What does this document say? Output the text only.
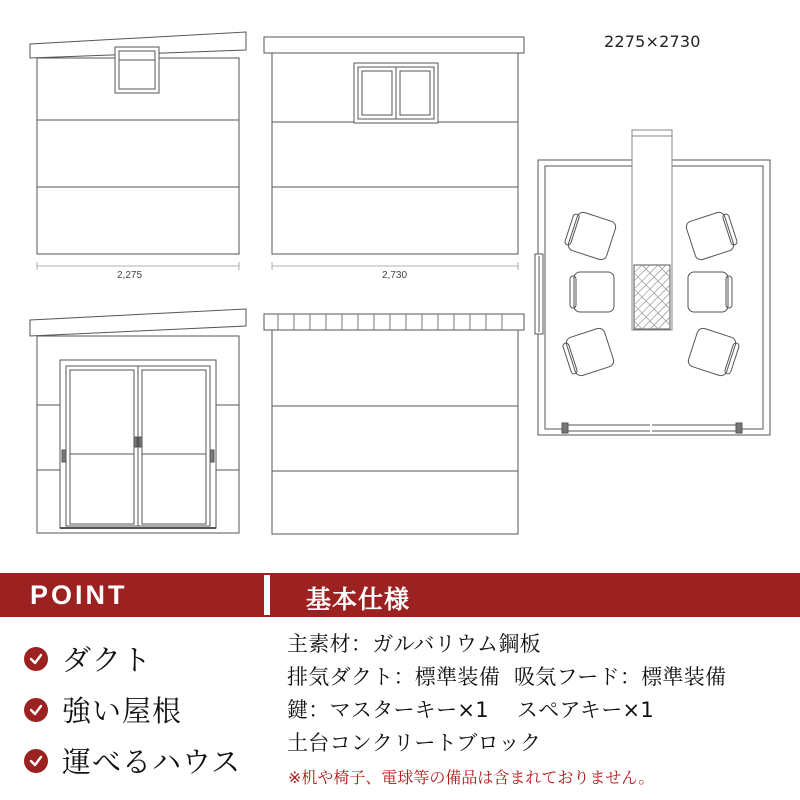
2275×2730
2,275	2,730
POINT	基本仕様
ダクト
強い屋根
運べるハウス
主素材：ガルバリウム鋼板
排気ダクト：標準装備  吸気フード：標準装備
鍵：マスターキー×1    スペアキー×1
土台コンクリートブロック
※机や椅子、電球等の備品は含まれておりません。
